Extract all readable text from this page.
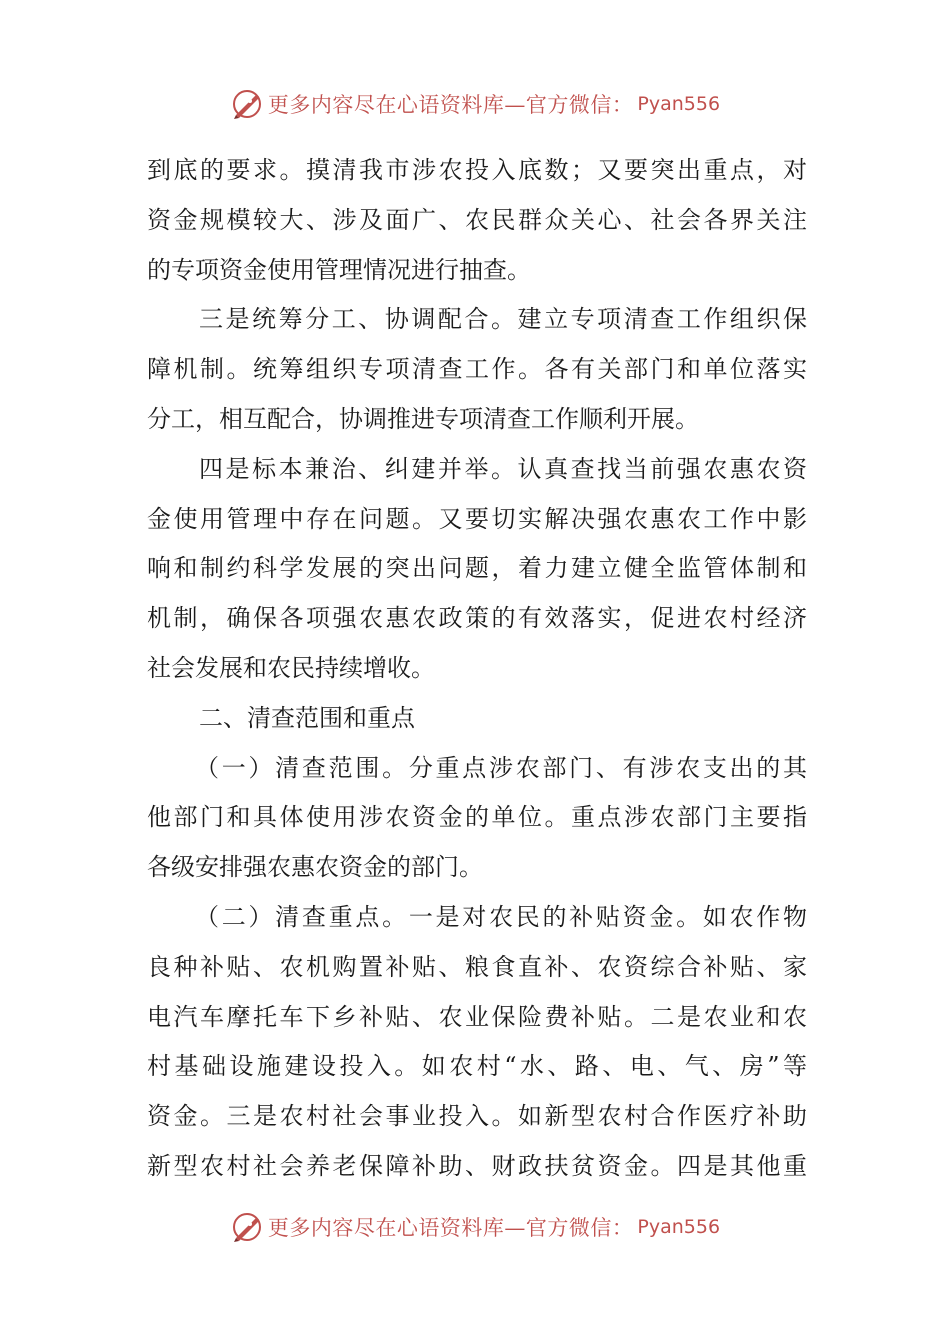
更多内容尽在心语资料库—官方微信： Pyan556
到底的要求。摸清我市涉农投入底数；又要突出重点，对
资金规模较大、涉及面广、农民群众关心、社会各界关注
的专项资金使用管理情况进行抽查。
三是统筹分工、协调配合。建立专项清查工作组织保
障机制。统筹组织专项清查工作。各有关部门和单位落实
分工，相互配合，协调推进专项清查工作顺利开展。
四是标本兼治、纠建并举。认真查找当前强农惠农资
金使用管理中存在问题。又要切实解决强农惠农工作中影
响和制约科学发展的突出问题，着力建立健全监管体制和
机制，确保各项强农惠农政策的有效落实，促进农村经济
社会发展和农民持续增收。
二、清查范围和重点
（一）清查范围。分重点涉农部门、有涉农支出的其
他部门和具体使用涉农资金的单位。重点涉农部门主要指
各级安排强农惠农资金的部门。
（二）清查重点。一是对农民的补贴资金。如农作物
良种补贴、农机购置补贴、粮食直补、农资综合补贴、家
电汽车摩托车下乡补贴、农业保险费补贴。二是农业和农
村基础设施建设投入。如农村“水、路、电、气、房”等
资金。三是农村社会事业投入。如新型农村合作医疗补助
新型农村社会养老保障补助、财政扶贫资金。四是其他重
更多内容尽在心语资料库—官方微信： Pyan556
